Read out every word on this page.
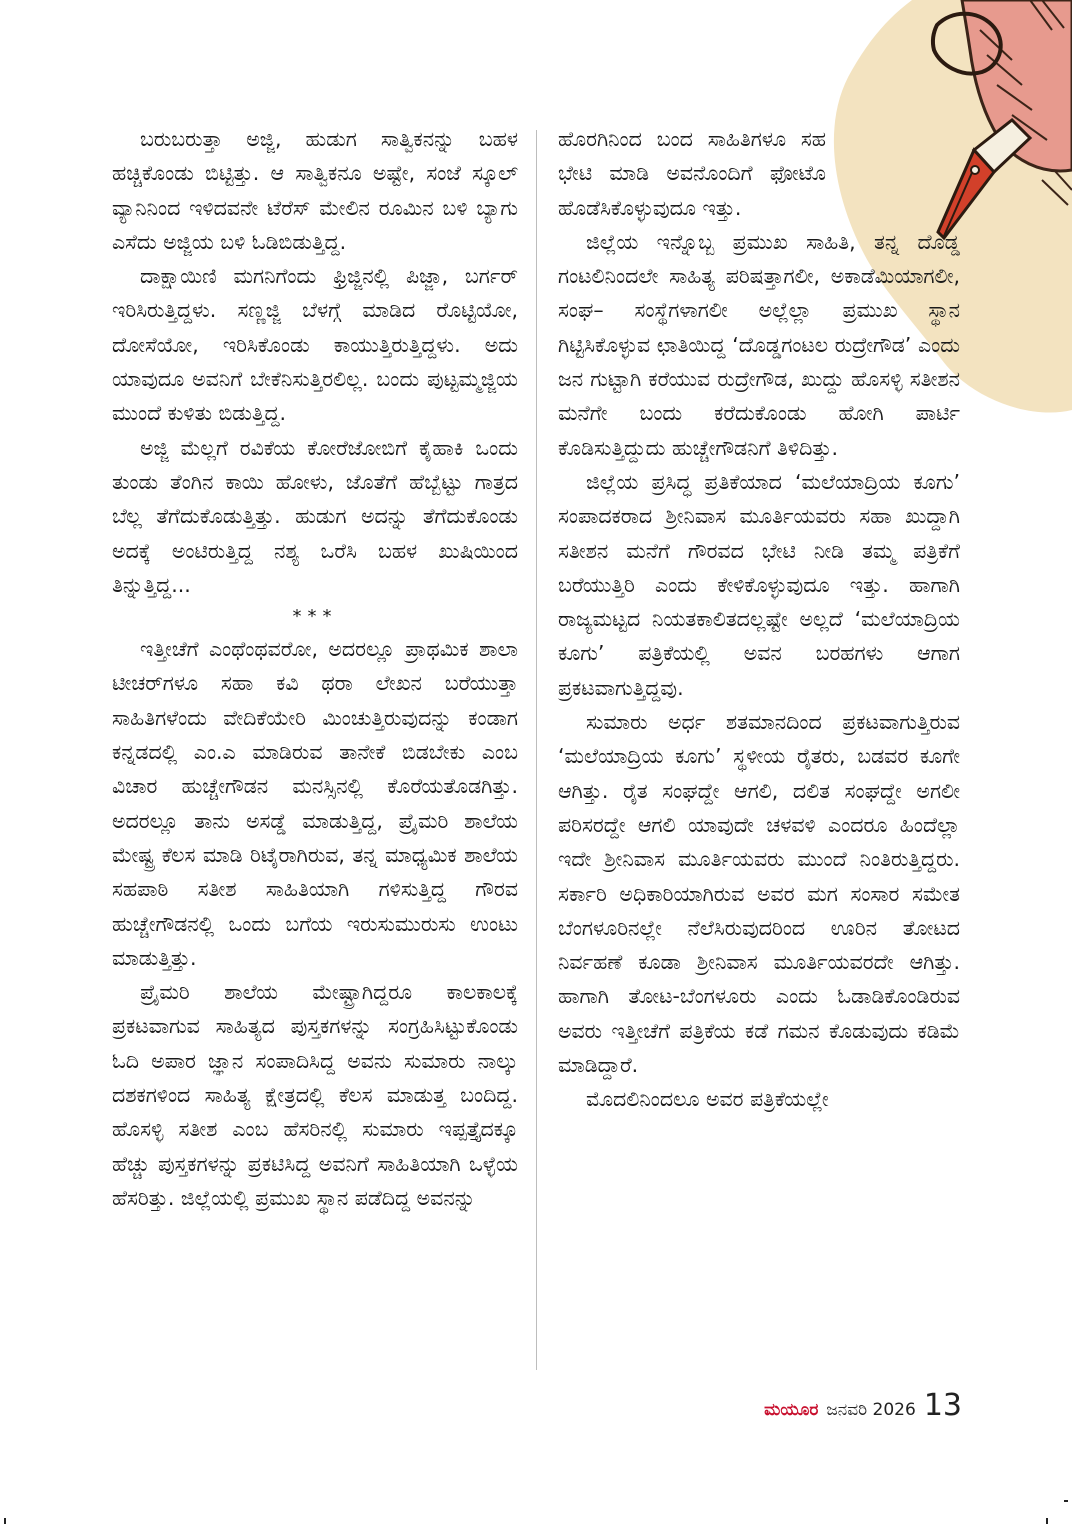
ಬರುಬರುತ್ತಾ ಅಜ್ಜಿ, ಹುಡುಗ ಸಾತ್ವಿಕನನ್ನು ಬಹಳ ಹಚ್ಚಿಕೊಂಡು ಬಿಟ್ಟಿತ್ತು. ಆ ಸಾತ್ವಿಕನೂ ಅಷ್ಟೇ, ಸಂಜೆ ಸ್ಕೂಲ್ ವ್ಯಾನಿನಿಂದ ಇಳಿದವನೇ ಟೆರೆಸ್ ಮೇಲಿನ ರೂಮಿನ ಬಳಿ ಬ್ಯಾಗು ಎಸೆದು ಅಜ್ಜಿಯ ಬಳಿ ಓಡಿಬಿಡುತ್ತಿದ್ದ.

ದಾಕ್ಷಾಯಿಣಿ ಮಗನಿಗೆಂದು ಫ್ರಿಜ್ಜಿನಲ್ಲಿ ಪಿಜ್ಜಾ, ಬರ್ಗರ್ ಇರಿಸಿರುತ್ತಿದ್ದಳು. ಸಣ್ಣಜ್ಜಿ ಬೆಳಗ್ಗೆ ಮಾಡಿದ ರೊಟ್ಟಿಯೋ, ದೋಸೆಯೋ, ಇರಿಸಿಕೊಂಡು ಕಾಯುತ್ತಿರುತ್ತಿದ್ದಳು. ಅದು ಯಾವುದೂ ಅವನಿಗೆ ಬೇಕೆನಿಸುತ್ತಿರಲಿಲ್ಲ. ಬಂದು ಪುಟ್ಟಮ್ಮಜ್ಜಿಯ ಮುಂದೆ ಕುಳಿತು ಬಿಡುತ್ತಿದ್ದ.

ಅಜ್ಜಿ ಮೆಲ್ಲಗೆ ರವಿಕೆಯ ಕೋರೆಜೋಬಿಗೆ ಕೈಹಾಕಿ ಒಂದು ತುಂಡು ತೆಂಗಿನ ಕಾಯಿ ಹೋಳು, ಜೊತೆಗೆ ಹೆಬ್ಬೆಟ್ಟು ಗಾತ್ರದ ಬೆಲ್ಲ ತೆಗೆದುಕೊಡುತ್ತಿತ್ತು. ಹುಡುಗ ಅದನ್ನು ತೆಗೆದುಕೊಂಡು ಅದಕ್ಕೆ ಅಂಟಿರುತ್ತಿದ್ದ ನಶ್ಯ ಒರೆಸಿ ಬಹಳ ಖುಷಿಯಿಂದ ತಿನ್ನುತ್ತಿದ್ದ...

***

ಇತ್ತೀಚೆಗೆ ಎಂಥೆಂಥವರೋ, ಅದರಲ್ಲೂ ಪ್ರಾಥಮಿಕ ಶಾಲಾ ಟೀಚರ್‌ಗಳೂ ಸಹಾ ಕವಿ ಥರಾ ಲೇಖನ ಬರೆಯುತ್ತಾ ಸಾಹಿತಿಗಳೆಂದು ವೇದಿಕೆಯೇರಿ ಮಿಂಚುತ್ತಿರುವುದನ್ನು ಕಂಡಾಗ ಕನ್ನಡದಲ್ಲಿ ಎಂ.ಎ ಮಾಡಿರುವ ತಾನೇಕೆ ಬಿಡಬೇಕು ಎಂಬ ವಿಚಾರ ಹುಚ್ಚೇಗೌಡನ ಮನಸ್ಸಿನಲ್ಲಿ ಕೊರೆಯತೊಡಗಿತ್ತು. ಅದರಲ್ಲೂ ತಾನು ಅಸಡ್ಡೆ ಮಾಡುತ್ತಿದ್ದ, ಪ್ರೈಮರಿ ಶಾಲೆಯ ಮೇಷ್ಟ್ರ ಕೆಲಸ ಮಾಡಿ ರಿಟೈರಾಗಿರುವ, ತನ್ನ ಮಾಧ್ಯಮಿಕ ಶಾಲೆಯ ಸಹಪಾಠಿ ಸತೀಶ ಸಾಹಿತಿಯಾಗಿ ಗಳಿಸುತ್ತಿದ್ದ ಗೌರವ ಹುಚ್ಚೇಗೌಡನಲ್ಲಿ ಒಂದು ಬಗೆಯ ಇರುಸುಮುರುಸು ಉಂಟು ಮಾಡುತ್ತಿತ್ತು.

ಪ್ರೈಮರಿ ಶಾಲೆಯ ಮೇಷ್ಟ್ರಾಗಿದ್ದರೂ ಕಾಲಕಾಲಕ್ಕೆ ಪ್ರಕಟವಾಗುವ ಸಾಹಿತ್ಯದ ಪುಸ್ತಕಗಳನ್ನು ಸಂಗ್ರಹಿಸಿಟ್ಟುಕೊಂಡು ಓದಿ ಅಪಾರ ಜ್ಞಾನ ಸಂಪಾದಿಸಿದ್ದ ಅವನು ಸುಮಾರು ನಾಲ್ಕು ದಶಕಗಳಿಂದ ಸಾಹಿತ್ಯ ಕ್ಷೇತ್ರದಲ್ಲಿ ಕೆಲಸ ಮಾಡುತ್ತ ಬಂದಿದ್ದ. ಹೊಸಳ್ಳಿ ಸತೀಶ ಎಂಬ ಹೆಸರಿನಲ್ಲಿ ಸುಮಾರು ಇಪ್ಪತ್ತೈದಕ್ಕೂ ಹೆಚ್ಚು ಪುಸ್ತಕಗಳನ್ನು ಪ್ರಕಟಿಸಿದ್ದ ಅವನಿಗೆ ಸಾಹಿತಿಯಾಗಿ ಒಳ್ಳೆಯ ಹೆಸರಿತ್ತು. ಜಿಲ್ಲೆಯಲ್ಲಿ ಪ್ರಮುಖ ಸ್ಥಾನ ಪಡೆದಿದ್ದ ಅವನನ್ನು

ಹೊರಗಿನಿಂದ ಬಂದ ಸಾಹಿತಿಗಳೂ ಸಹ ಭೇಟಿ ಮಾಡಿ ಅವನೊಂದಿಗೆ ಫೋಟೊ ಹೊಡೆಸಿಕೊಳ್ಳುವುದೂ ಇತ್ತು.

ಜಿಲ್ಲೆಯ ಇನ್ನೊಬ್ಬ ಪ್ರಮುಖ ಸಾಹಿತಿ, ತನ್ನ ದೊಡ್ಡ ಗಂಟಲಿನಿಂದಲೇ ಸಾಹಿತ್ಯ ಪರಿಷತ್ತಾಗಲೀ, ಅಕಾಡೆಮಿಯಾಗಲೀ, ಸಂಘ– ಸಂಸ್ಥೆಗಳಾಗಲೀ ಅಲ್ಲೆಲ್ಲಾ ಪ್ರಮುಖ ಸ್ಥಾನ ಗಿಟ್ಟಿಸಿಕೊಳ್ಳುವ ಛಾತಿಯಿದ್ದ ‘ದೊಡ್ಡಗಂಟಲ ರುದ್ರೇಗೌಡ’ ಎಂದು ಜನ ಗುಟ್ಟಾಗಿ ಕರೆಯುವ ರುದ್ರೇಗೌಡ, ಖುದ್ದು ಹೊಸಳ್ಳಿ ಸತೀಶನ ಮನೆಗೇ ಬಂದು ಕರೆದುಕೊಂಡು ಹೋಗಿ ಪಾರ್ಟಿ ಕೊಡಿಸುತ್ತಿದ್ದುದು ಹುಚ್ಚೇಗೌಡನಿಗೆ ತಿಳಿದಿತ್ತು.

ಜಿಲ್ಲೆಯ ಪ್ರಸಿದ್ಧ ಪ್ರತಿಕೆಯಾದ ‘ಮಲೆಯಾದ್ರಿಯ ಕೂಗು’ ಸಂಪಾದಕರಾದ ಶ್ರೀನಿವಾಸ ಮೂರ್ತಿಯವರು ಸಹಾ ಖುದ್ದಾಗಿ ಸತೀಶನ ಮನೆಗೆ ಗೌರವದ ಭೇಟಿ ನೀಡಿ ತಮ್ಮ ಪತ್ರಿಕೆಗೆ ಬರೆಯುತ್ತಿರಿ ಎಂದು ಕೇಳಿಕೊಳ್ಳುವುದೂ ಇತ್ತು. ಹಾಗಾಗಿ ರಾಜ್ಯಮಟ್ಟದ ನಿಯತಕಾಲಿತದಲ್ಲಷ್ಟೇ ಅಲ್ಲದೆ ‘ಮಲೆಯಾದ್ರಿಯ ಕೂಗು’ ಪತ್ರಿಕೆಯಲ್ಲಿ ಅವನ ಬರಹಗಳು ಆಗಾಗ ಪ್ರಕಟವಾಗುತ್ತಿದ್ದವು.

ಸುಮಾರು ಅರ್ಧ ಶತಮಾನದಿಂದ ಪ್ರಕಟವಾಗುತ್ತಿರುವ ‘ಮಲೆಯಾದ್ರಿಯ ಕೂಗು’ ಸ್ಥಳೀಯ ರೈತರು, ಬಡವರ ಕೂಗೇ ಆಗಿತ್ತು. ರೈತ ಸಂಘದ್ದೇ ಆಗಲಿ, ದಲಿತ ಸಂಘದ್ದೇ ಅಗಲೀ ಪರಿಸರದ್ದೇ ಆಗಲಿ ಯಾವುದೇ ಚಳವಳಿ ಎಂದರೂ ಹಿಂದೆಲ್ಲಾ ಇದೇ ಶ್ರೀನಿವಾಸ ಮೂರ್ತಿಯವರು ಮುಂದೆ ನಿಂತಿರುತ್ತಿದ್ದರು. ಸರ್ಕಾರಿ ಅಧಿಕಾರಿಯಾಗಿರುವ ಅವರ ಮಗ ಸಂಸಾರ ಸಮೇತ ಬೆಂಗಳೂರಿನಲ್ಲೇ ನೆಲೆಸಿರುವುದರಿಂದ ಊರಿನ ತೋಟದ ನಿರ್ವಹಣೆ ಕೂಡಾ ಶ್ರೀನಿವಾಸ ಮೂರ್ತಿಯವರದೇ ಆಗಿತ್ತು. ಹಾಗಾಗಿ ತೋಟ-ಬೆಂಗಳೂರು ಎಂದು ಓಡಾಡಿಕೊಂಡಿರುವ ಅವರು ಇತ್ತೀಚೆಗೆ ಪತ್ರಿಕೆಯ ಕಡೆ ಗಮನ ಕೊಡುವುದು ಕಡಿಮೆ ಮಾಡಿದ್ದಾರೆ.

ಮೊದಲಿನಿಂದಲೂ ಅವರ ಪತ್ರಿಕೆಯಲ್ಲೇ

ಮಯೂರ ಜನವರಿ 2026 13
